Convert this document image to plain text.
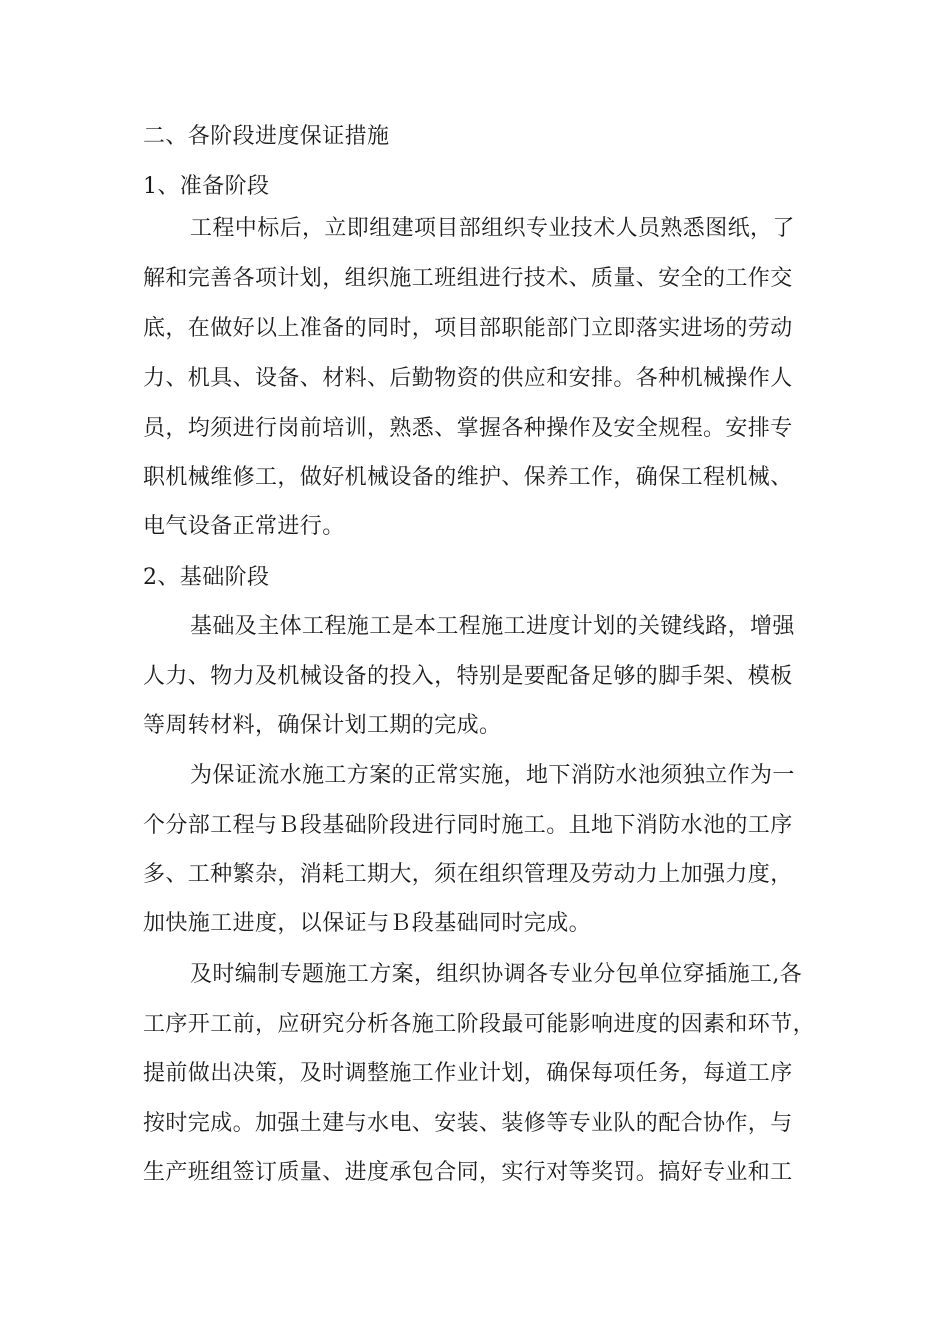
二、各阶段进度保证措施
1、准备阶段
工程中标后，立即组建项目部组织专业技术人员熟悉图纸，了
解和完善各项计划，组织施工班组进行技术、质量、安全的工作交
底，在做好以上准备的同时，项目部职能部门立即落实进场的劳动
力、机具、设备、材料、后勤物资的供应和安排。各种机械操作人
员，均须进行岗前培训，熟悉、掌握各种操作及安全规程。安排专
职机械维修工，做好机械设备的维护、保养工作，确保工程机械、
电气设备正常进行。
2、基础阶段
基础及主体工程施工是本工程施工进度计划的关键线路，增强
人力、物力及机械设备的投入，特别是要配备足够的脚手架、模板
等周转材料，确保计划工期的完成。
为保证流水施工方案的正常实施，地下消防水池须独立作为一
个分部工程与Ｂ段基础阶段进行同时施工。且地下消防水池的工序
多、工种繁杂，消耗工期大，须在组织管理及劳动力上加强力度，
加快施工进度，以保证与Ｂ段基础同时完成。
及时编制专题施工方案，组织协调各专业分包单位穿插施工,各
工序开工前，应研究分析各施工阶段最可能影响进度的因素和环节，
提前做出决策，及时调整施工作业计划，确保每项任务，每道工序
按时完成。加强土建与水电、安装、装修等专业队的配合协作，与
生产班组签订质量、进度承包合同，实行对等奖罚。搞好专业和工
